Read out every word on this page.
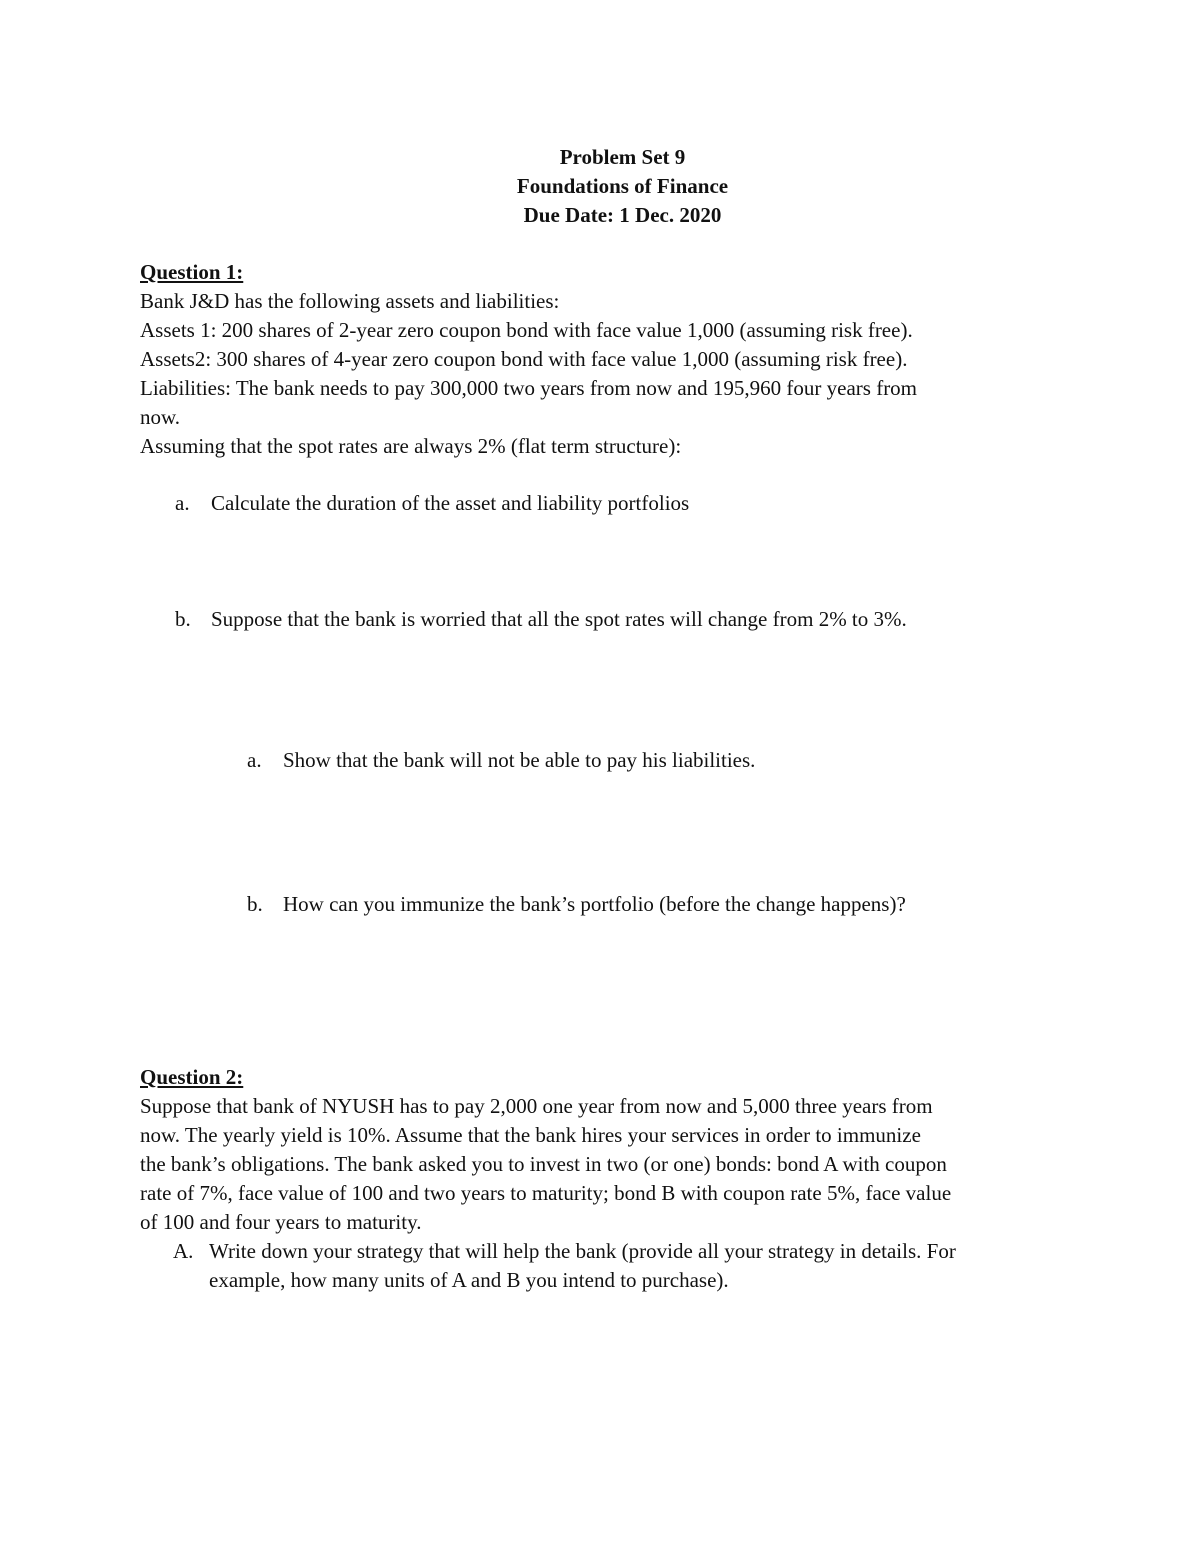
Problem Set 9
Foundations of Finance
Due Date: 1 Dec. 2020
Question 1:
Bank J&D has the following assets and liabilities:
Assets 1: 200 shares of 2-year zero coupon bond with face value 1,000 (assuming risk free).
Assets2: 300 shares of 4-year zero coupon bond with face value 1,000 (assuming risk free).
Liabilities: The bank needs to pay 300,000 two years from now and 195,960 four years from
now.
Assuming that the spot rates are always 2% (flat term structure):
a. Calculate the duration of the asset and liability portfolios
b. Suppose that the bank is worried that all the spot rates will change from 2% to 3%.
a. Show that the bank will not be able to pay his liabilities.
b. How can you immunize the bank’s portfolio (before the change happens)?
Question 2:
Suppose that bank of NYUSH has to pay 2,000 one year from now and 5,000 three years from
now. The yearly yield is 10%. Assume that the bank hires your services in order to immunize
the bank’s obligations. The bank asked you to invest in two (or one) bonds: bond A with coupon
rate of 7%, face value of 100 and two years to maturity; bond B with coupon rate 5%, face value
of 100 and four years to maturity.
A. Write down your strategy that will help the bank (provide all your strategy in details. For
example, how many units of A and B you intend to purchase).
